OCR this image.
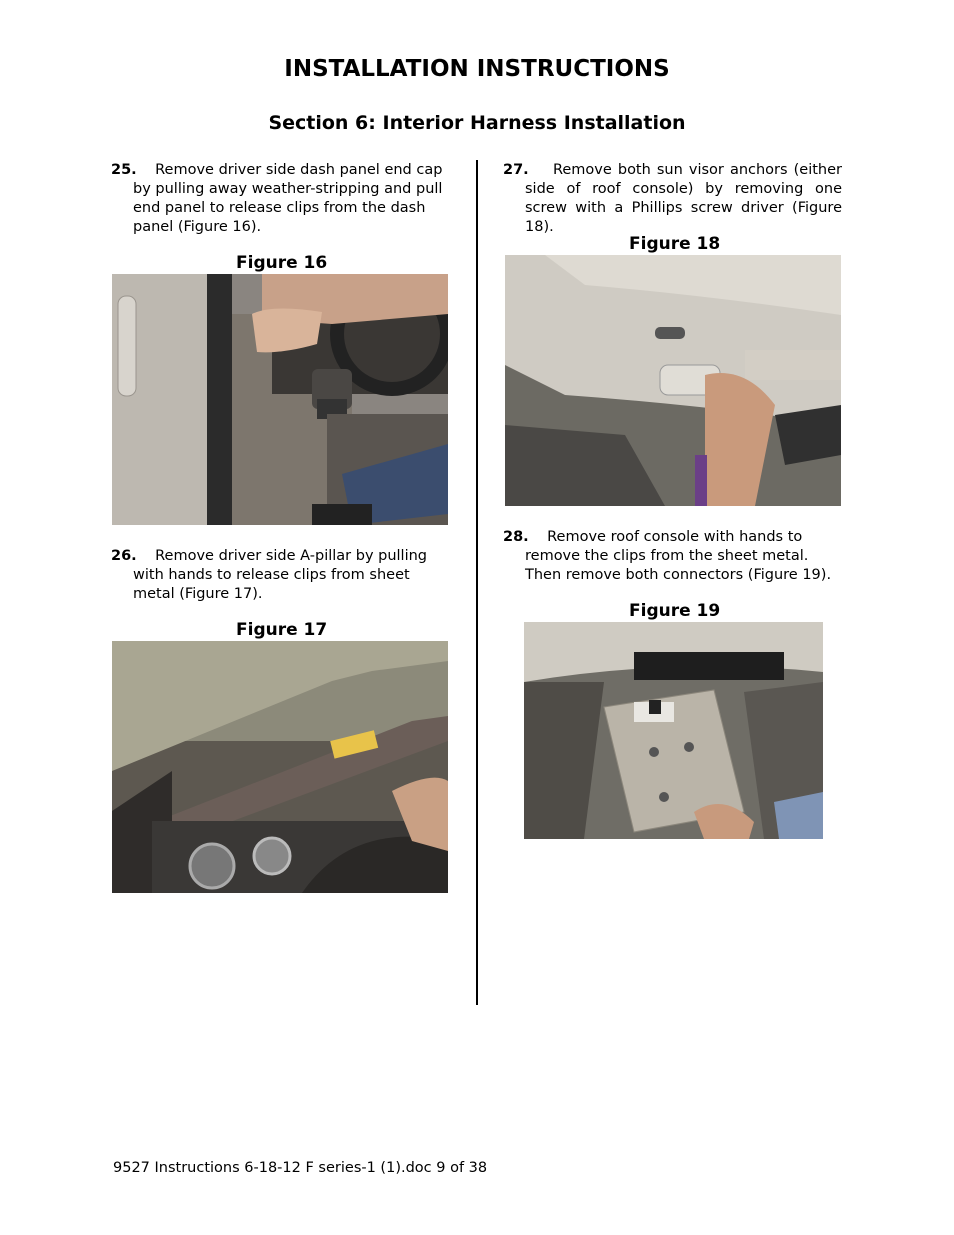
INSTALLATION INSTRUCTIONS
Section 6: Interior Harness Installation

25. Remove driver side dash panel end cap by pulling away weather-stripping and pull end panel to release clips from the dash panel (Figure 16).

Figure 16

26. Remove driver side A-pillar by pulling with hands to release clips from sheet metal (Figure 17).

Figure 17

27. Remove both sun visor anchors (either side of roof console) by removing one screw with a Phillips screw driver (Figure 18).

Figure 18

28. Remove roof console with hands to remove the clips from the sheet metal. Then remove both connectors (Figure 19).

Figure 19
9527 Instructions 6-18-12 F series-1 (1).doc 9 of 38
